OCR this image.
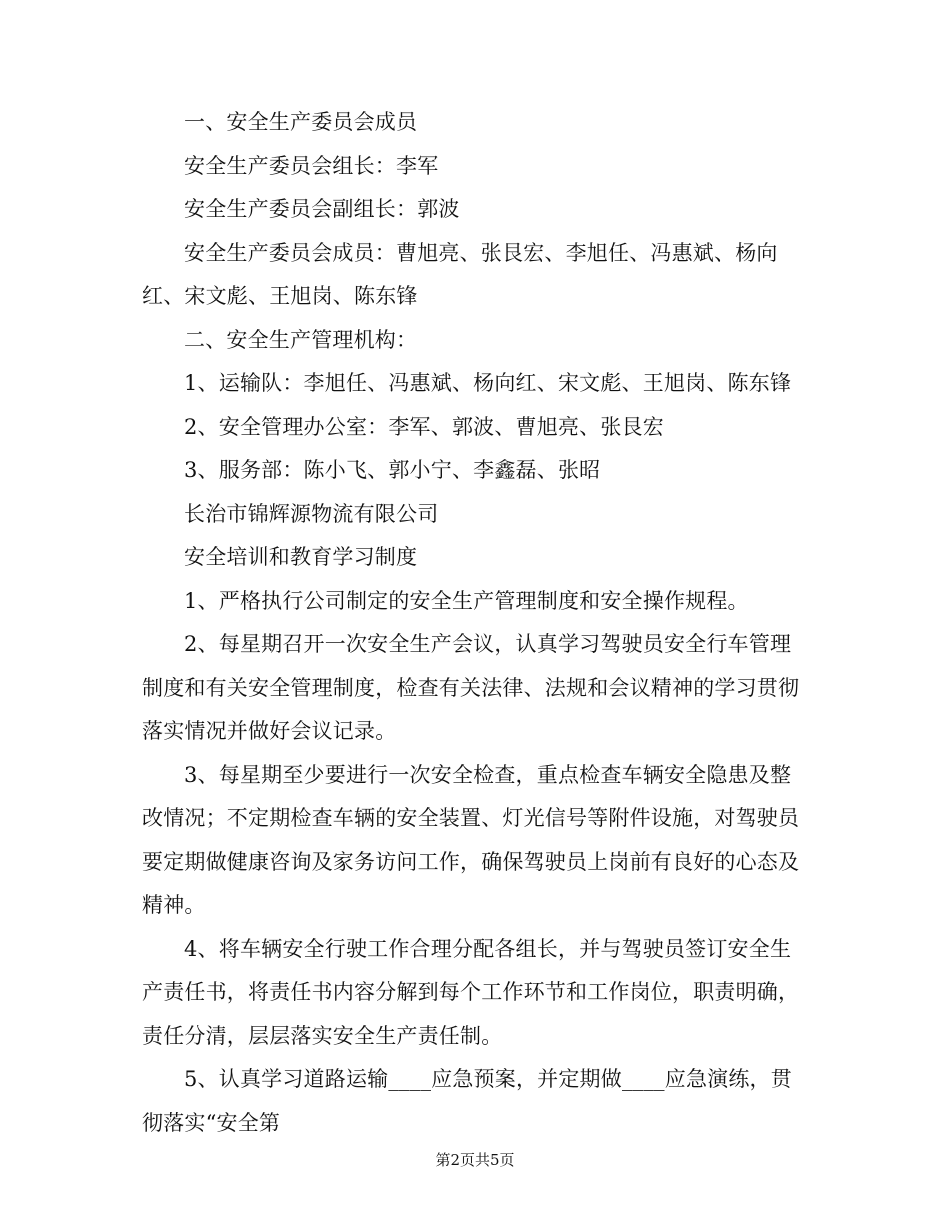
一、安全生产委员会成员

安全生产委员会组长：李军

安全生产委员会副组长：郭波

安全生产委员会成员：曹旭亮、张艮宏、李旭任、冯惠斌、杨向红、宋文彪、王旭岗、陈东锋

二、安全生产管理机构：

1、运输队：李旭任、冯惠斌、杨向红、宋文彪、王旭岗、陈东锋

2、安全管理办公室：李军、郭波、曹旭亮、张艮宏

3、服务部：陈小飞、郭小宁、李鑫磊、张昭

长治市锦辉源物流有限公司

安全培训和教育学习制度

1、严格执行公司制定的安全生产管理制度和安全操作规程。

2、每星期召开一次安全生产会议，认真学习驾驶员安全行车管理制度和有关安全管理制度，检查有关法律、法规和会议精神的学习贯彻落实情况并做好会议记录。

3、每星期至少要进行一次安全检查，重点检查车辆安全隐患及整改情况；不定期检查车辆的安全装置、灯光信号等附件设施，对驾驶员要定期做健康咨询及家务访问工作，确保驾驶员上岗前有良好的心态及精神。

4、将车辆安全行驶工作合理分配各组长，并与驾驶员签订安全生产责任书，将责任书内容分解到每个工作环节和工作岗位，职责明确，责任分清，层层落实安全生产责任制。

5、认真学习道路运输____应急预案，并定期做____应急演练，贯彻落实“安全第

第2页共5页
